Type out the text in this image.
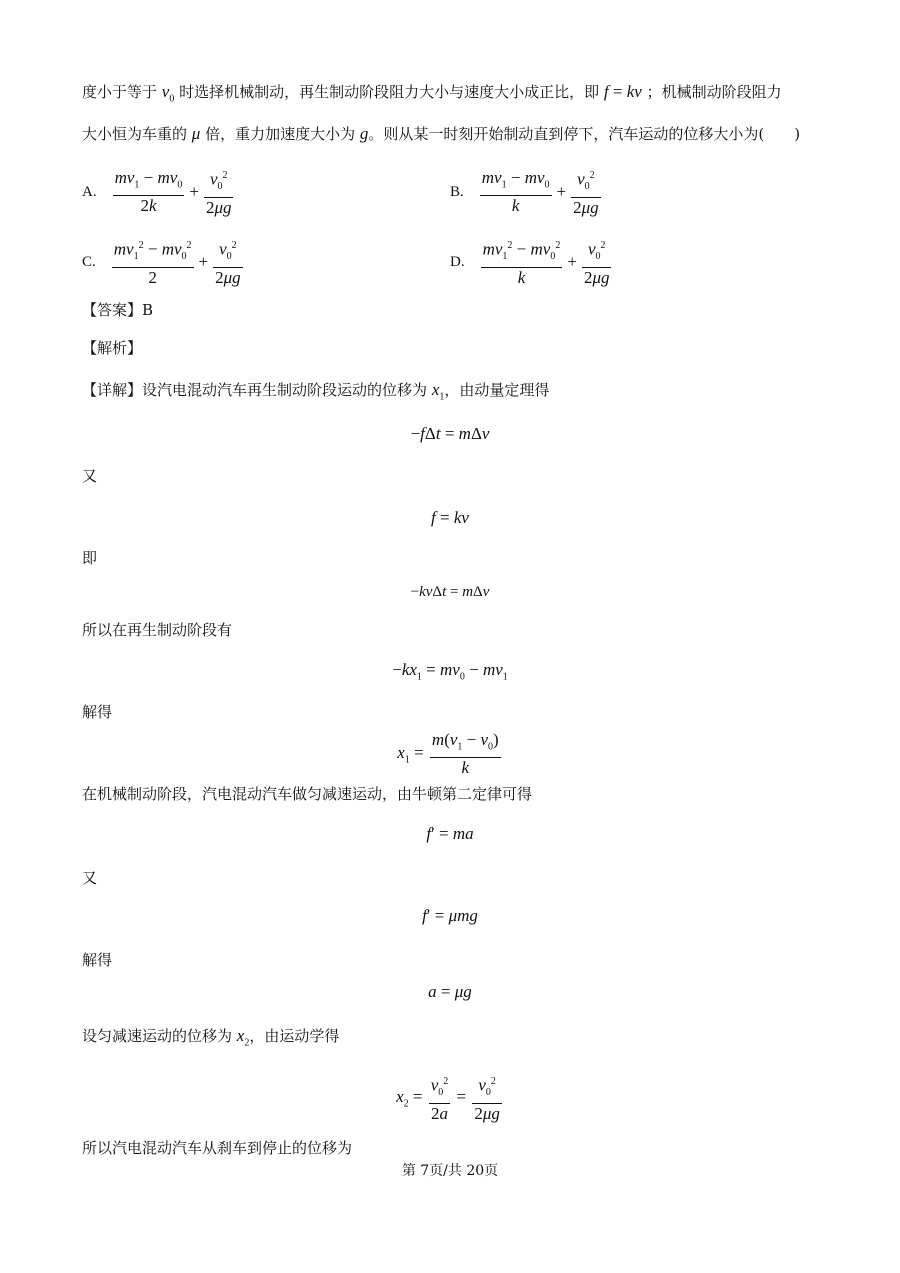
度小于等于 $v_0$ 时选择机械制动，再生制动阶段阻力大小与速度大小成正比，即 f = kv ；机械制动阶段阻力
大小恒为车重的 μ 倍，重力加速度大小为 g。则从某一时刻开始制动直到停下，汽车运动的位移大小为(　　)
A. $\frac{mv_1 - mv_0}{2k} + \frac{v_0^2}{2\mu g}$	B. $\frac{mv_1 - mv_0}{k} + \frac{v_0^2}{2\mu g}$
C. $\frac{mv_1^2 - mv_0^2}{2} + \frac{v_0^2}{2\mu g}$	D. $\frac{mv_1^2 - mv_0^2}{k} + \frac{v_0^2}{2\mu g}$
【答案】B
【解析】
【详解】设汽电混动汽车再生制动阶段运动的位移为 $x_1$，由动量定理得
−fΔt = mΔv
又
f = kv
即
−kvΔt = mΔv
所以在再生制动阶段有
$-kx_1 = mv_0 - mv_1$
解得
$x_1 = \frac{m(v_1 - v_0)}{k}$
在机械制动阶段，汽电混动汽车做匀减速运动，由牛顿第二定律可得
f′ = ma
又
f′ = μmg
解得
a = μg
设匀减速运动的位移为 $x_2$，由运动学得
$x_2 = \frac{v_0^2}{2a} = \frac{v_0^2}{2\mu g}$
所以汽电混动汽车从刹车到停止的位移为
第 7页/共 20页
